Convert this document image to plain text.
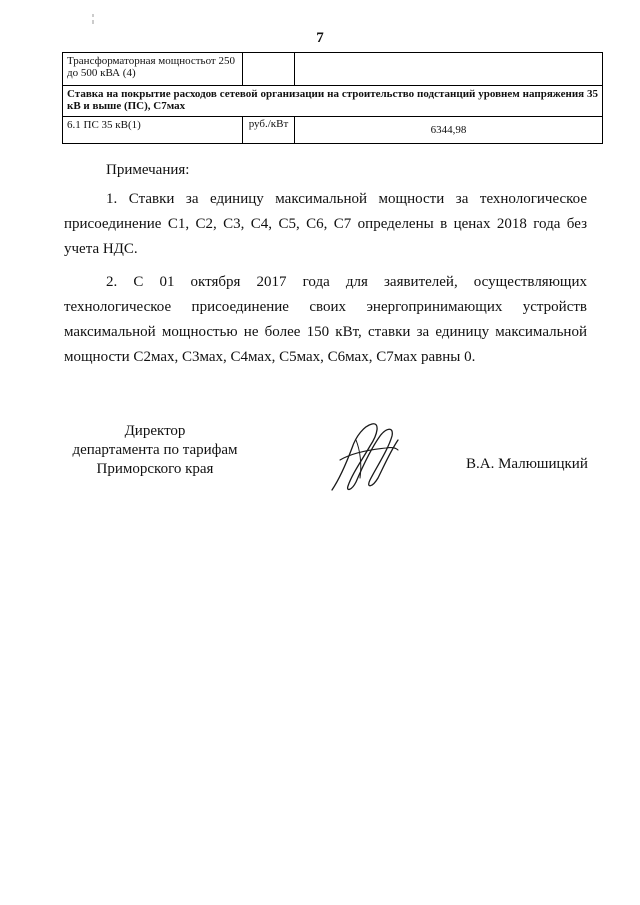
7
Трансформаторная мощностьот 250 до 500 кВА (4)		
Ставка на покрытие расходов сетевой организации на строительство подстанций уровнем напряжения 35 кВ и выше (ПС), С7мах		
6.1 ПС 35 кВ(1)	руб./кВт	6344,98

Примечания:

1. Ставки за единицу максимальной мощности за технологическое присоединение С1, С2, С3, С4, С5, С6, С7 определены в ценах 2018 года без учета НДС.

2. С 01 октября 2017 года для заявителей, осуществляющих технологическое присоединение своих энергопринимающих устройств максимальной мощностью не более 150 кВт, ставки за единицу максимальной мощности С2мах, С3мах, С4мах, С5мах, С6мах, С7мах равны 0.

Директор
департамента по тарифам
Приморского края	В.А. Малюшицкий
